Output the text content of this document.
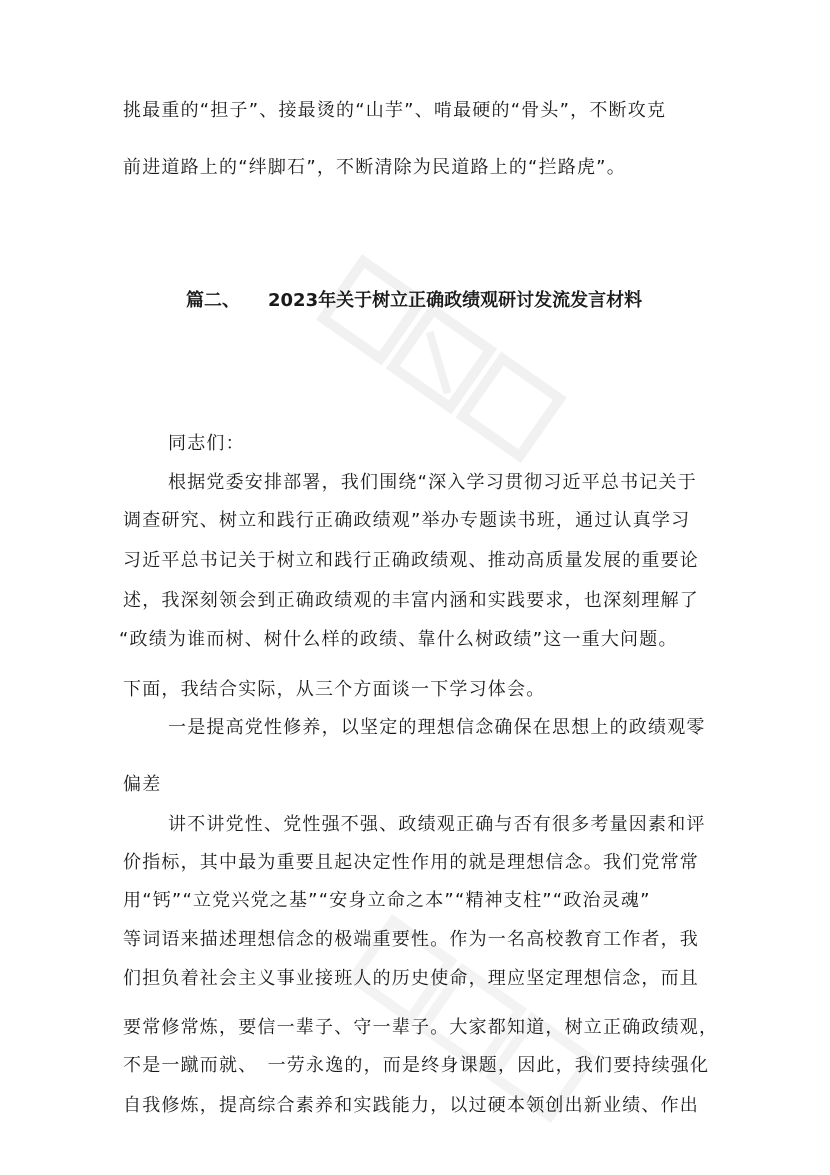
挑最重的“担子”、接最烫的“山芋”、啃最硬的“骨头”，不断攻克
前进道路上的“绊脚石”，不断清除为民道路上的“拦路虎”。
篇二、 2023年关于树立正确政绩观研讨发流发言材料
同志们：
根据党委安排部署，我们围绕“深入学习贯彻习近平总书记关于
调查研究、树立和践行正确政绩观”举办专题读书班，通过认真学习
习近平总书记关于树立和践行正确政绩观、推动高质量发展的重要论
述，我深刻领会到正确政绩观的丰富内涵和实践要求，也深刻理解了
“政绩为谁而树、树什么样的政绩、靠什么树政绩”这一重大问题。
下面，我结合实际，从三个方面谈一下学习体会。
一是提高党性修养，以坚定的理想信念确保在思想上的政绩观零
偏差
讲不讲党性、党性强不强、政绩观正确与否有很多考量因素和评
价指标，其中最为重要且起决定性作用的就是理想信念。我们党常常
用“钙”“立党兴党之基”“安身立命之本”“精神支柱”“政治灵魂”
等词语来描述理想信念的极端重要性。作为一名高校教育工作者，我
们担负着社会主义事业接班人的历史使命，理应坚定理想信念，而且
要常修常炼，要信一辈子、守一辈子。大家都知道，树立正确政绩观，
不是一蹴而就、　一劳永逸的，而是终身课题，因此，我们要持续强化
自我修炼，提高综合素养和实践能力，以过硬本领创出新业绩、作出
